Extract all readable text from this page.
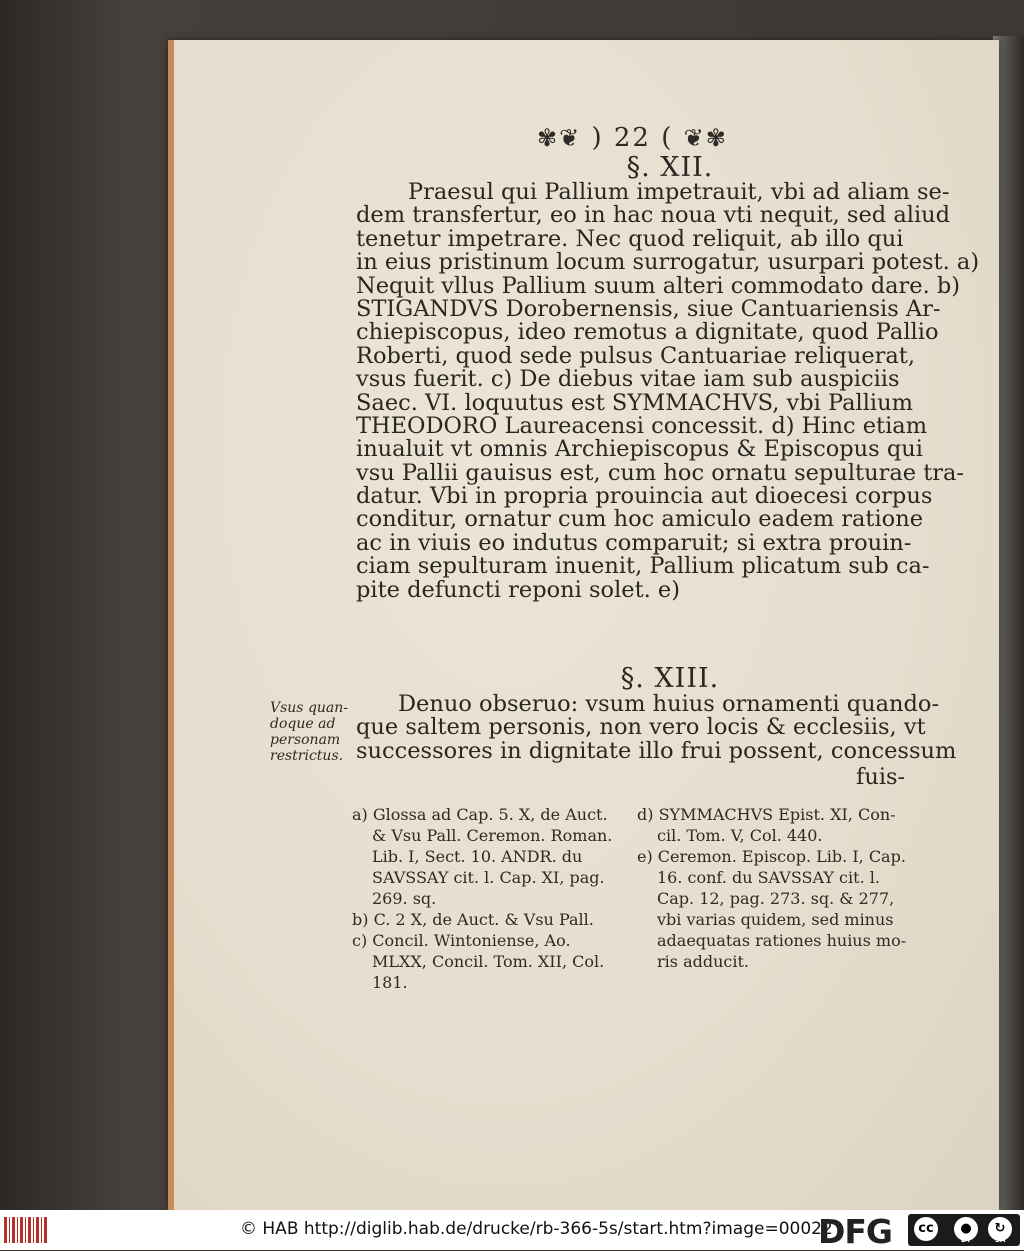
✾❦ ) 22 ( ❦✾
§. XII.
Praesul qui Pallium impetrauit, vbi ad aliam se-
dem transfertur, eo in hac noua vti nequit, sed aliud
tenetur impetrare. Nec quod reliquit, ab illo qui
in eius pristinum locum surrogatur, usurpari potest. a)
Nequit vllus Pallium suum alteri commodato dare. b)
STIGANDVS Dorobernensis, siue Cantuariensis Ar-
chiepiscopus, ideo remotus a dignitate, quod Pallio
Roberti, quod sede pulsus Cantuariae reliquerat,
vsus fuerit. c) De diebus vitae iam sub auspiciis
Saec. VI. loquutus est SYMMACHVS, vbi Pallium
THEODORO Laureacensi concessit. d) Hinc etiam
inualuit vt omnis Archiepiscopus & Episcopus qui
vsu Pallii gauisus est, cum hoc ornatu sepulturae tra-
datur. Vbi in propria prouincia aut dioecesi corpus
conditur, ornatur cum hoc amiculo eadem ratione
ac in viuis eo indutus comparuit; si extra prouin-
ciam sepulturam inuenit, Pallium plicatum sub ca-
pite defuncti reponi solet. e)
§. XIII.
Vsus quan-
doque ad
personam
restrictus.
Denuo obseruo: vsum huius ornamenti quando-
que saltem personis, non vero locis & ecclesiis, vt
successores in dignitate illo frui possent, concessum
fuis-
a) Glossa ad Cap. 5. X, de Auct.
& Vsu Pall. Ceremon. Roman.
Lib. I, Sect. 10. ANDR. du
SAVSSAY cit. l. Cap. XI, pag.
269. sq.
b) C. 2 X, de Auct. & Vsu Pall.
c) Concil. Wintoniense, Ao.
MLXX, Concil. Tom. XII, Col.
181.
d) SYMMACHVS Epist. XI, Con-
cil. Tom. V, Col. 440.
e) Ceremon. Episcop. Lib. I, Cap.
16. conf. du SAVSSAY cit. l.
Cap. 12, pag. 273. sq. & 277,
vbi varias quidem, sed minus
adaequatas rationes huius mo-
ris adducit.
© HAB http://diglib.hab.de/drucke/rb-366-5s/start.htm?image=00022
DFG	cc	●	↻
BY	SA
